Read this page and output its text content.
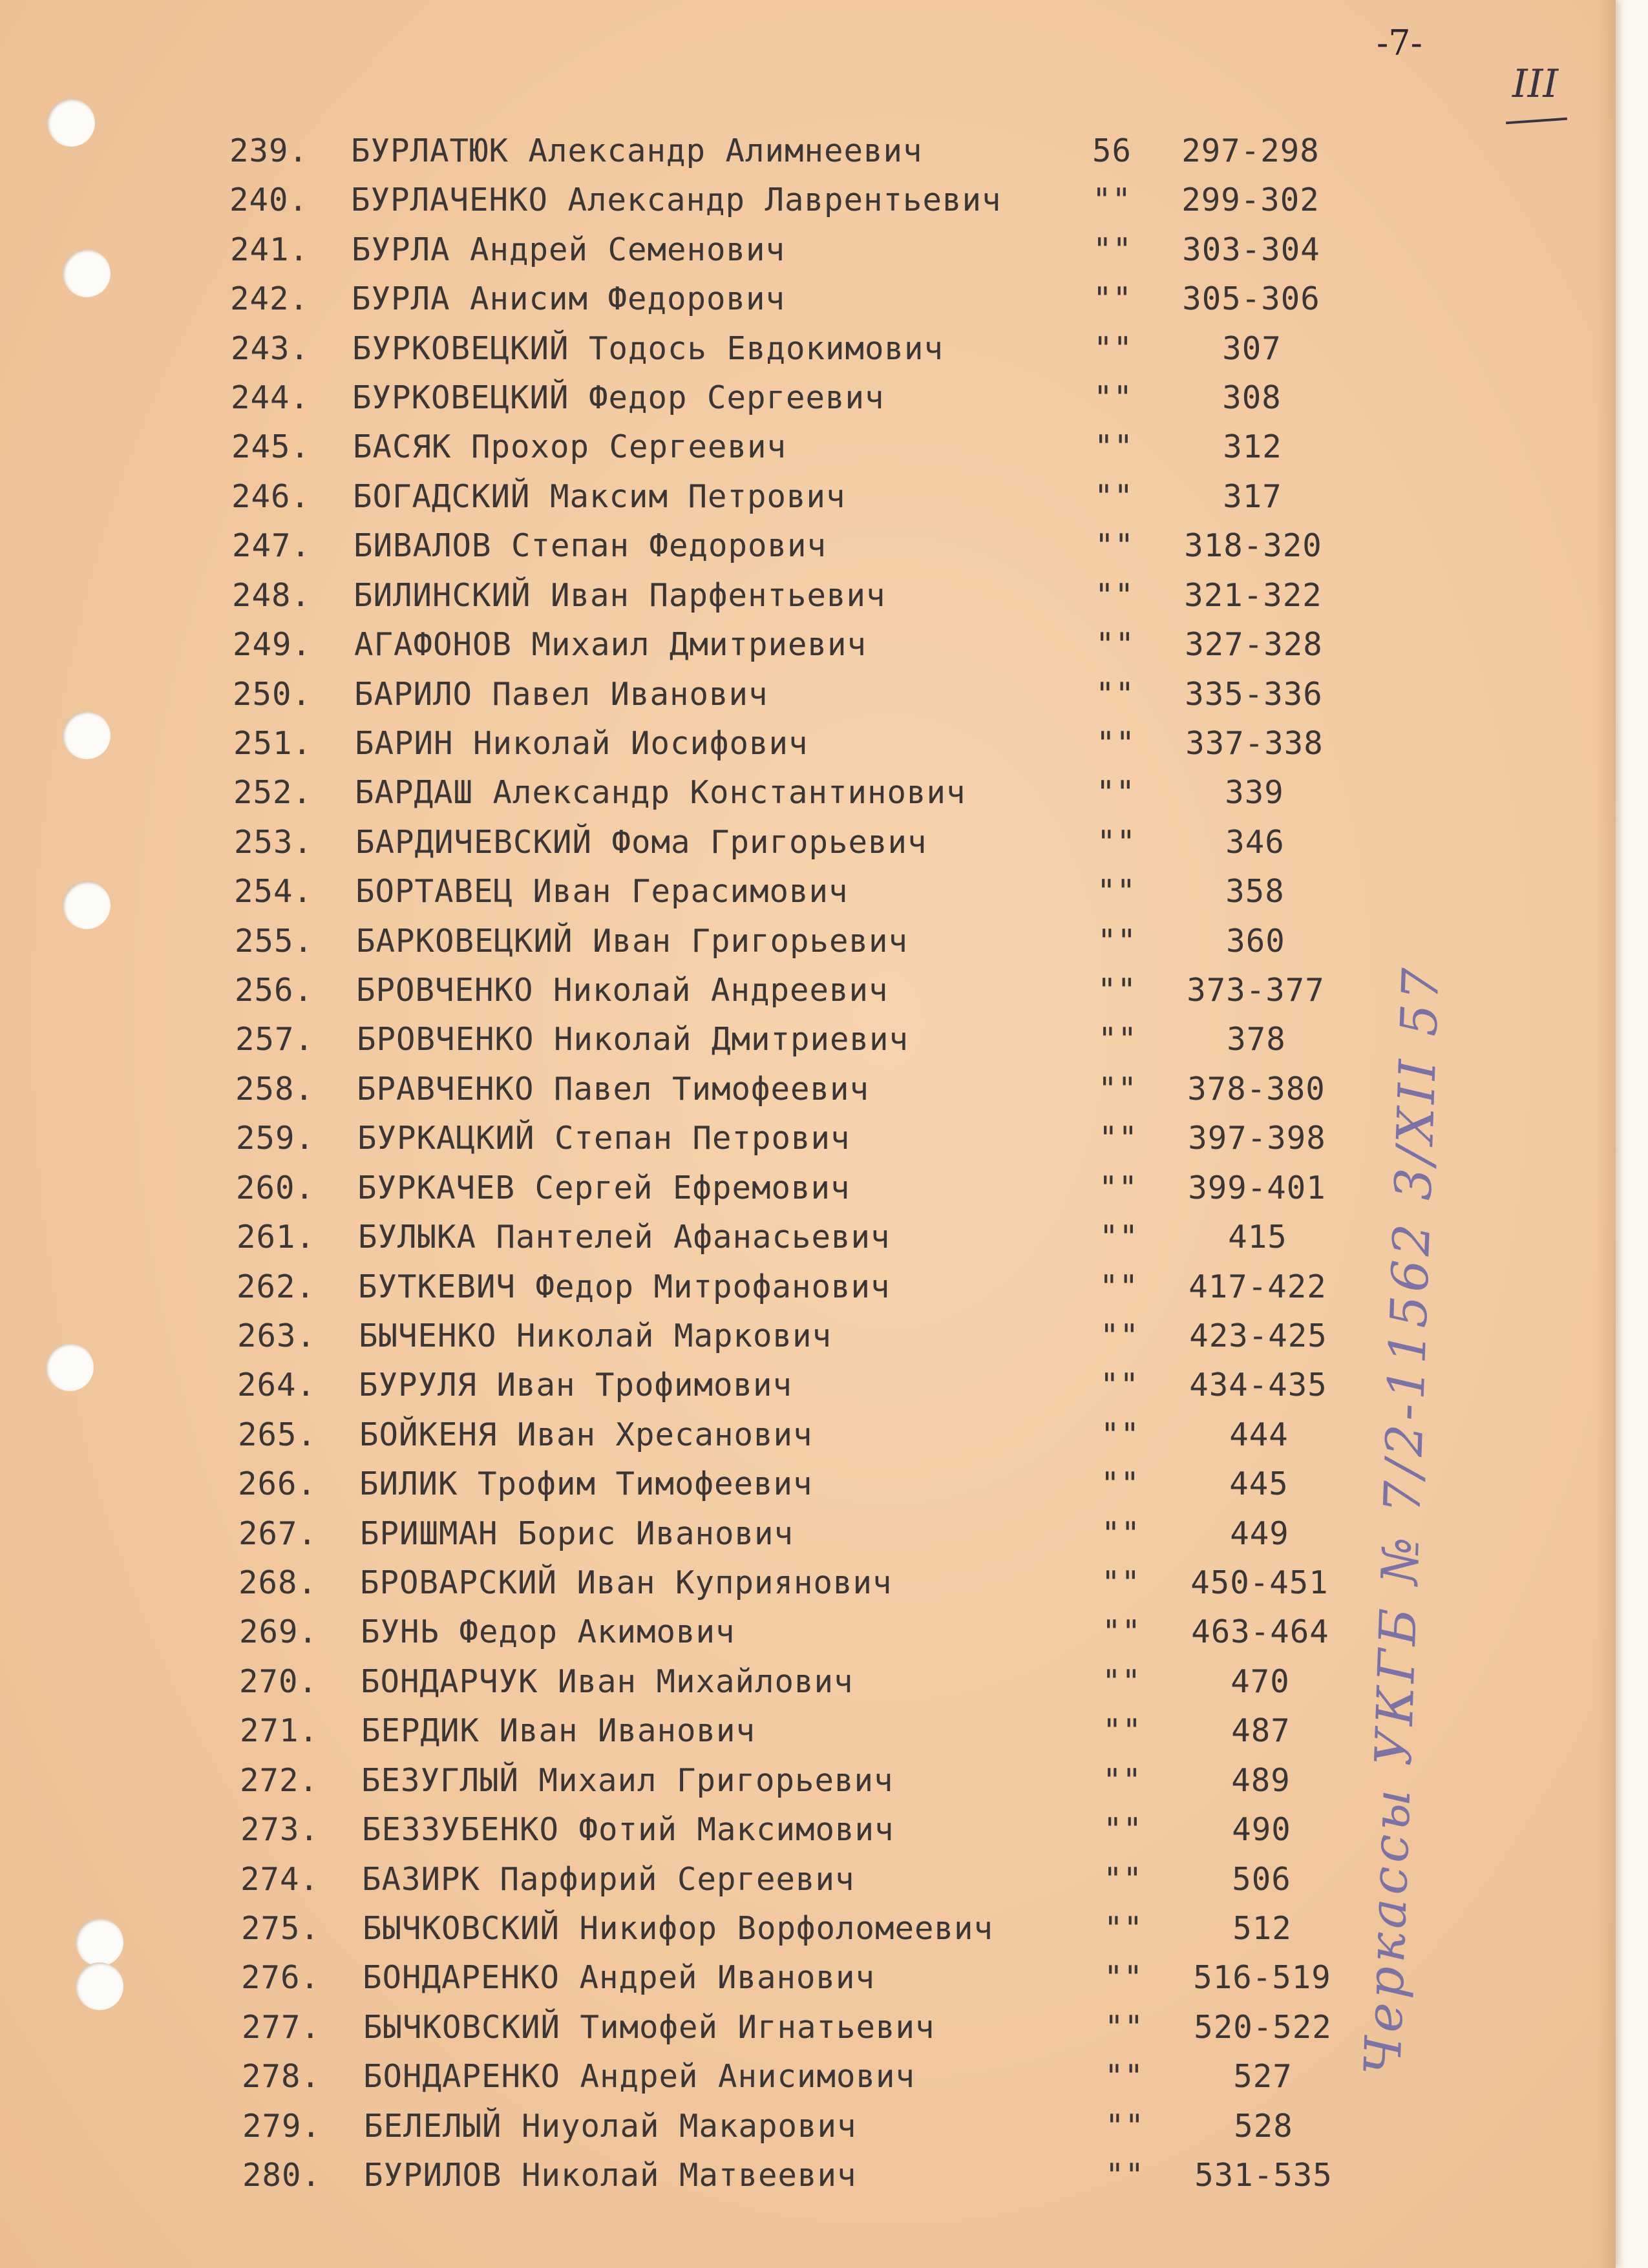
-7-
III
239.	БУРЛАТЮК Александр Алимнеевич	56	297-298
240.	БУРЛАЧЕНКО Александр Лаврентьевич	""	299-302
241.	БУРЛА Андрей Семенович	""	303-304
242.	БУРЛА Анисим Федорович	""	305-306
243.	БУРКОВЕЦКИЙ Тодось Евдокимович	""	307
244.	БУРКОВЕЦКИЙ Федор Сергеевич	""	308
245.	БАСЯК Прохор Сергеевич	""	312
246.	БОГАДСКИЙ Максим Петрович	""	317
247.	БИВАЛОВ Степан Федорович	""	318-320
248.	БИЛИНСКИЙ Иван Парфентьевич	""	321-322
249.	АГАФОНОВ Михаил Дмитриевич	""	327-328
250.	БАРИЛО Павел Иванович	""	335-336
251.	БАРИН Николай Иосифович	""	337-338
252.	БАРДАШ Александр Константинович	""	339
253.	БАРДИЧЕВСКИЙ Фома Григорьевич	""	346
254.	БОРТАВЕЦ Иван Герасимович	""	358
255.	БАРКОВЕЦКИЙ Иван Григорьевич	""	360
256.	БРОВЧЕНКО Николай Андреевич	""	373-377
257.	БРОВЧЕНКО Николай Дмитриевич	""	378
258.	БРАВЧЕНКО Павел Тимофеевич	""	378-380
259.	БУРКАЦКИЙ Степан Петрович	""	397-398
260.	БУРКАЧЕВ Сергей Ефремович	""	399-401
261.	БУЛЫКА Пантелей Афанасьевич	""	415
262.	БУТКЕВИЧ Федор Митрофанович	""	417-422
263.	БЫЧЕНКО Николай Маркович	""	423-425
264.	БУРУЛЯ Иван Трофимович	""	434-435
265.	БОЙКЕНЯ Иван Хресанович	""	444
266.	БИЛИК Трофим Тимофеевич	""	445
267.	БРИШМАН Борис Иванович	""	449
268.	БРОВАРСКИЙ Иван Куприянович	""	450-451
269.	БУНЬ Федор Акимович	""	463-464
270.	БОНДАРЧУК Иван Михайлович	""	470
271.	БЕРДИК Иван Иванович	""	487
272.	БЕЗУГЛЫЙ Михаил Григорьевич	""	489
273.	БЕЗЗУБЕНКО Фотий Максимович	""	490
274.	БАЗИРК Парфирий Сергеевич	""	506
275.	БЫЧКОВСКИЙ Никифор Ворфоломеевич	""	512
276.	БОНДАРЕНКО Андрей Иванович	""	516-519
277.	БЫЧКОВСКИЙ Тимофей Игнатьевич	""	520-522
278.	БОНДАРЕНКО Андрей Анисимович	""	527
279.	БЕЛЕЛЫЙ Ниуолай Макарович	""	528
280.	БУРИЛОВ Николай Матвеевич	""	531-535
Черкассы УКГБ № 7/2-11562 3/XII 57
